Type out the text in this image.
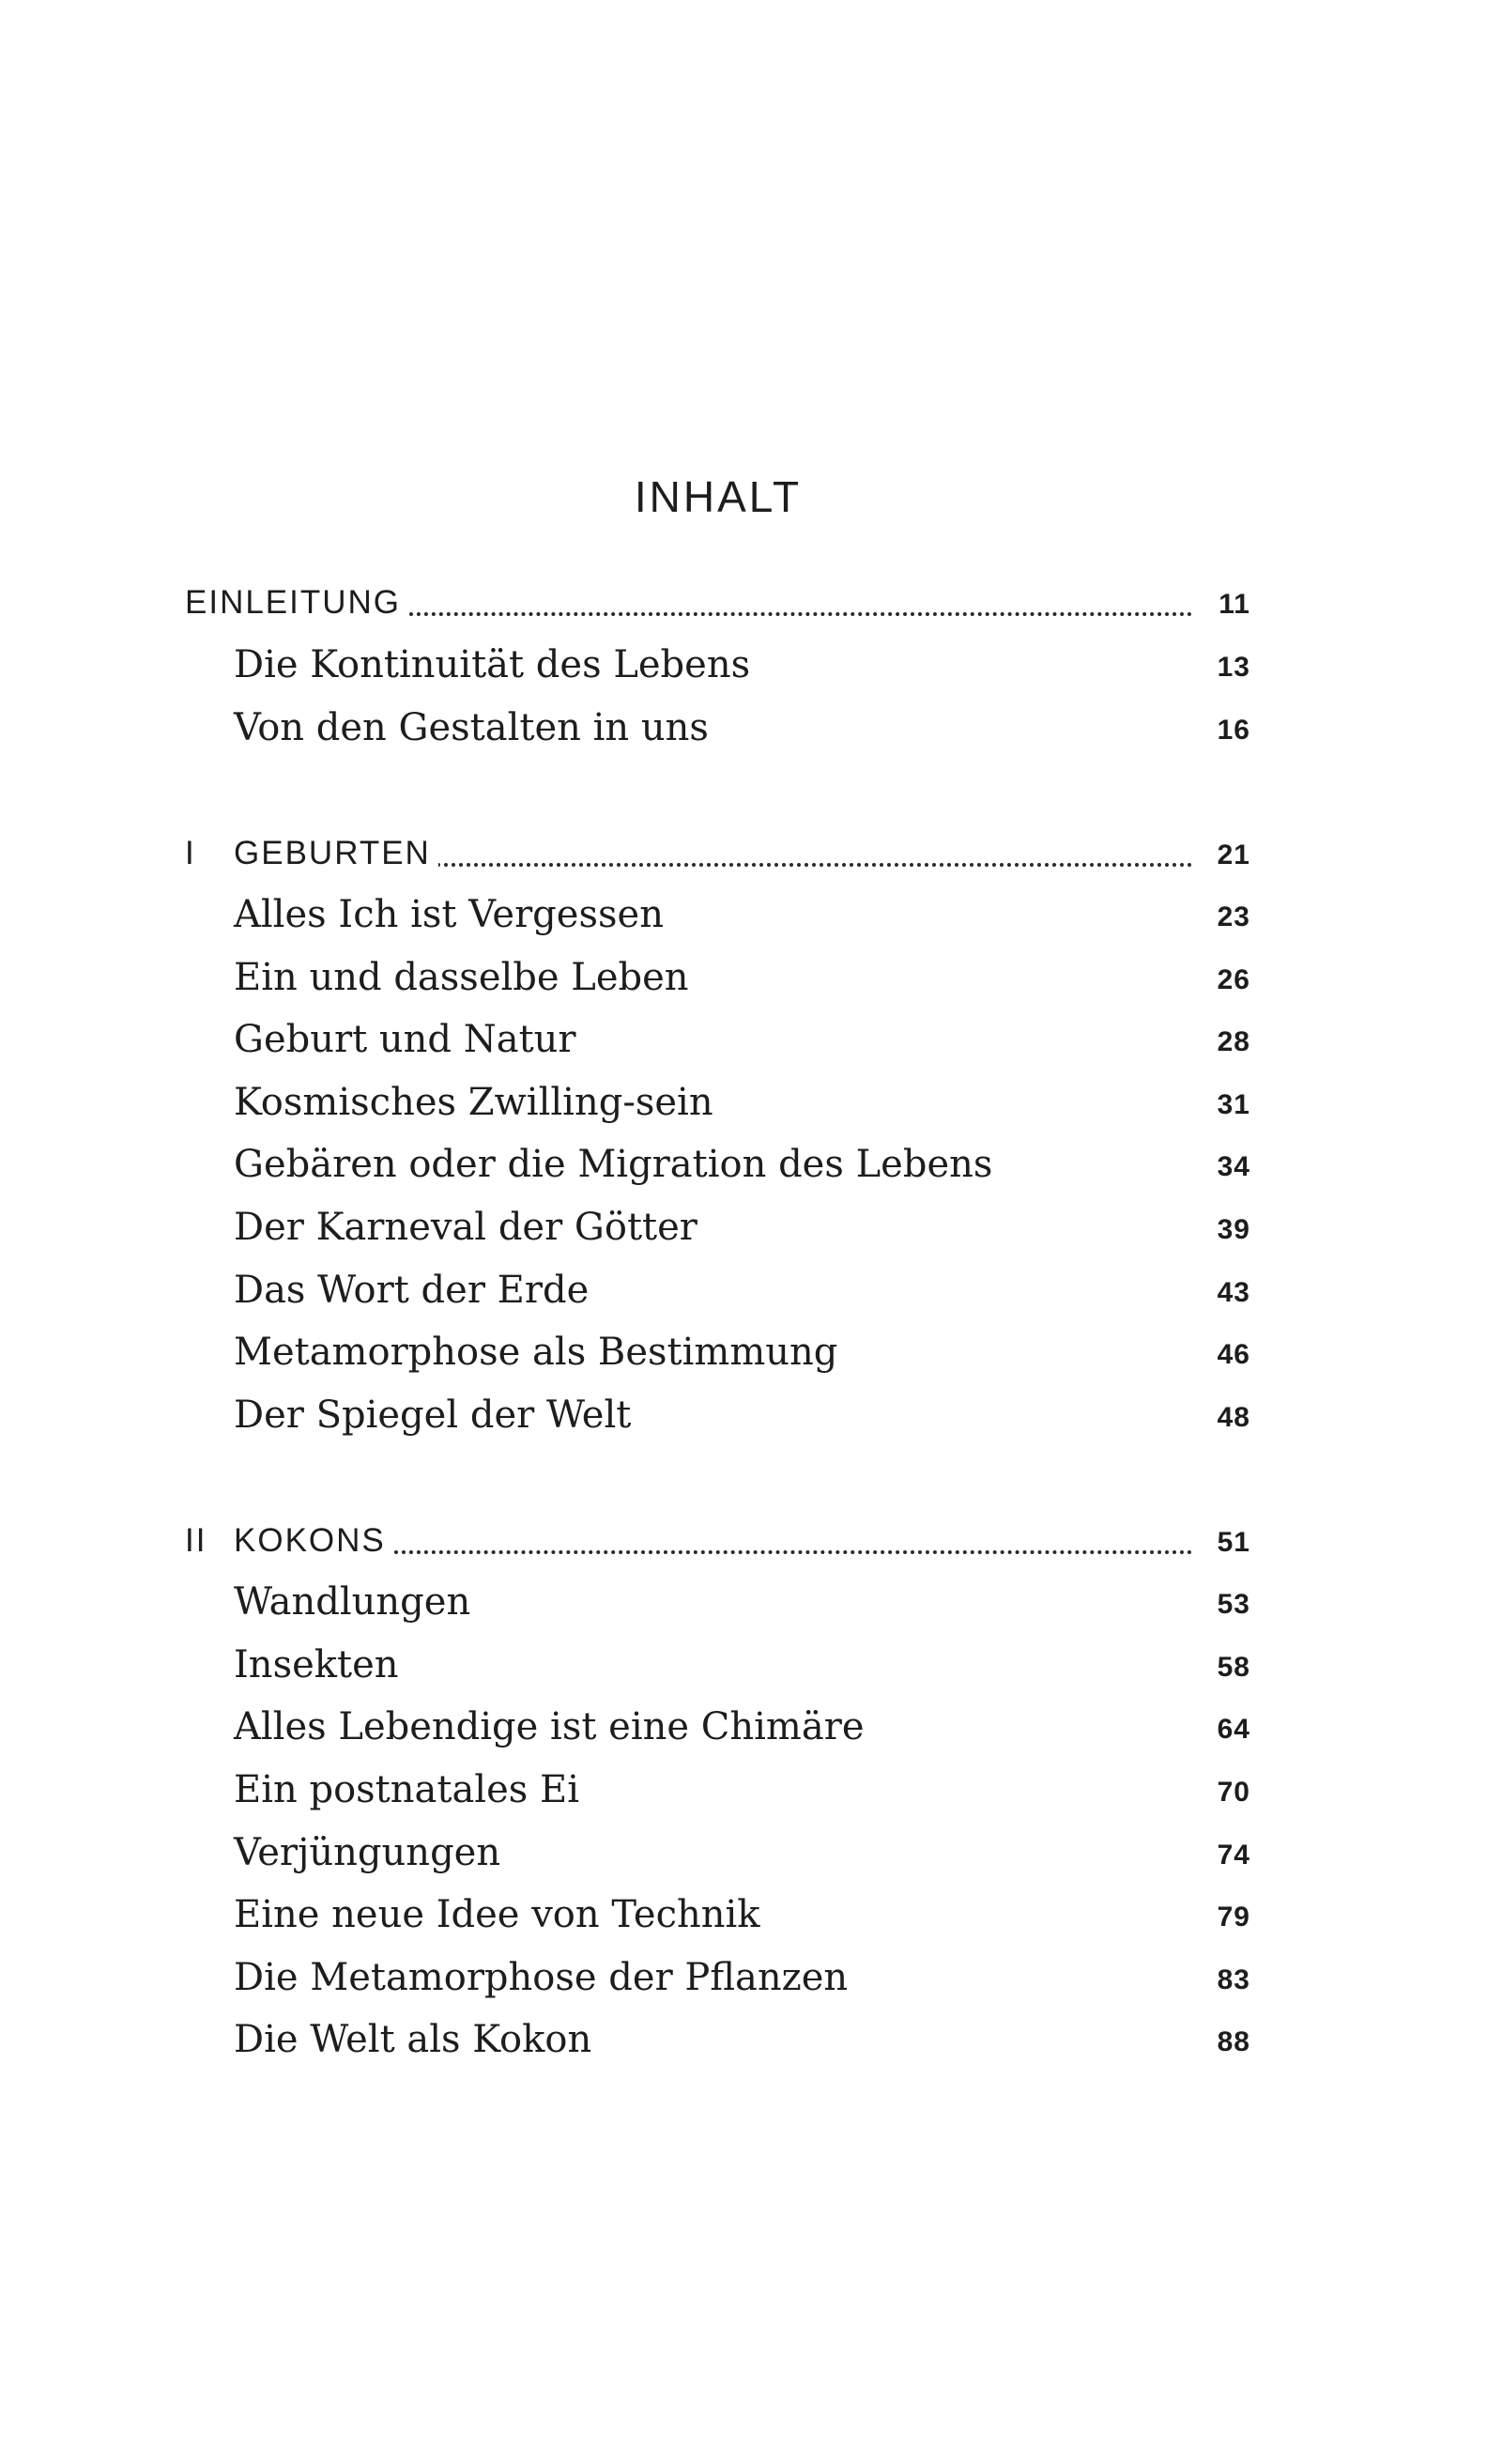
INHALT
EINLEITUNG	11
Die Kontinuität des Lebens	13
Von den Gestalten in uns	16
I GEBURTEN	21
Alles Ich ist Vergessen	23
Ein und dasselbe Leben	26
Geburt und Natur	28
Kosmisches Zwilling-sein	31
Gebären oder die Migration des Lebens	34
Der Karneval der Götter	39
Das Wort der Erde	43
Metamorphose als Bestimmung	46
Der Spiegel der Welt	48
II KOKONS	51
Wandlungen	53
Insekten	58
Alles Lebendige ist eine Chimäre	64
Ein postnatales Ei	70
Verjüngungen	74
Eine neue Idee von Technik	79
Die Metamorphose der Pflanzen	83
Die Welt als Kokon	88
